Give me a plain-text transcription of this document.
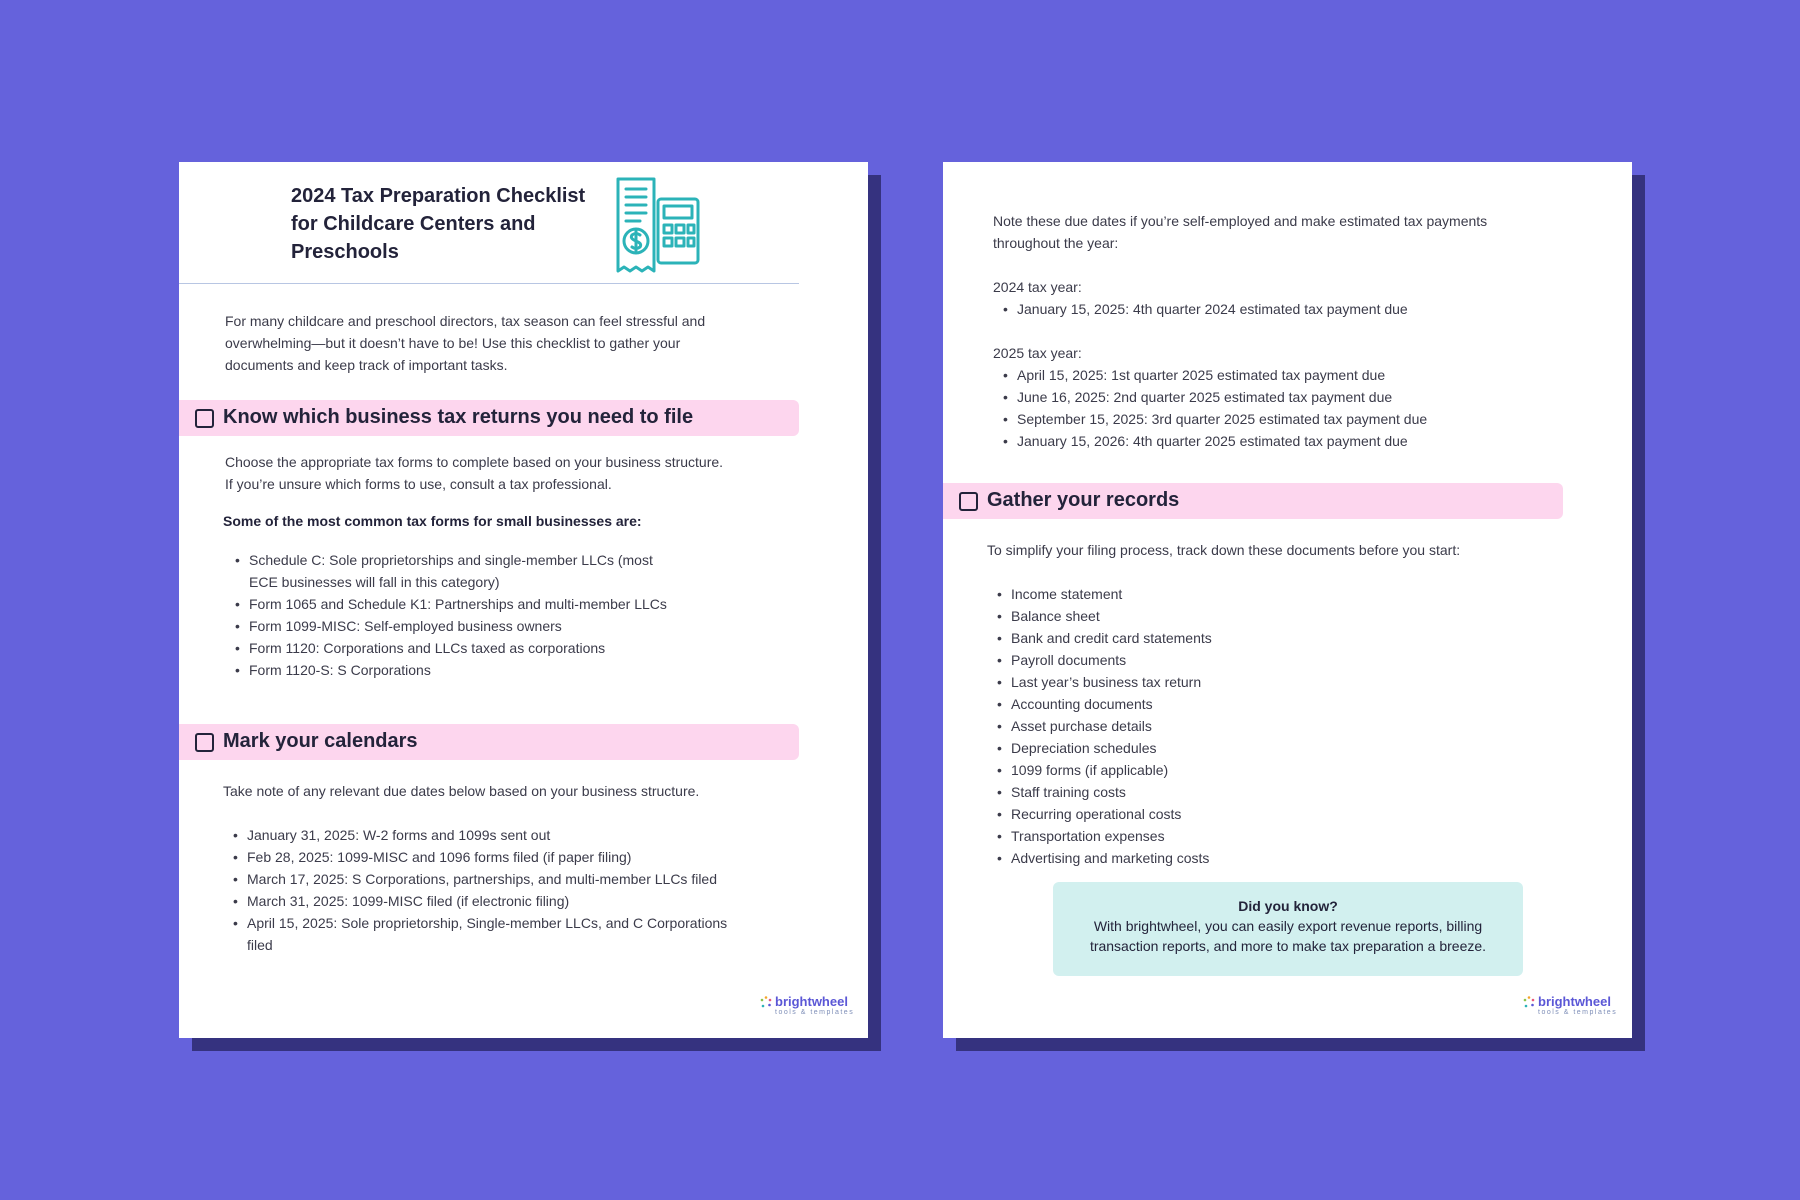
2024 Tax Preparation Checklist
for Childcare Centers and
Preschools
For many childcare and preschool directors, tax season can feel stressful and
overwhelming—but it doesn’t have to be! Use this checklist to gather your
documents and keep track of important tasks.
Know which business tax returns you need to file
Choose the appropriate tax forms to complete based on your business structure.
If you’re unsure which forms to use, consult a tax professional.
Some of the most common tax forms for small businesses are:
• Schedule C: Sole proprietorships and single-member LLCs (most
ECE businesses will fall in this category)
• Form 1065 and Schedule K1: Partnerships and multi-member LLCs
• Form 1099-MISC: Self-employed business owners
• Form 1120: Corporations and LLCs taxed as corporations
• Form 1120-S: S Corporations
Mark your calendars
Take note of any relevant due dates below based on your business structure.
• January 31, 2025: W-2 forms and 1099s sent out
• Feb 28, 2025: 1099-MISC and 1096 forms filed (if paper filing)
• March 17, 2025: S Corporations, partnerships, and multi-member LLCs filed
• March 31, 2025: 1099-MISC filed (if electronic filing)
• April 15, 2025: Sole proprietorship, Single-member LLCs, and C Corporations
filed
brightwheel
tools & templates
Note these due dates if you’re self-employed and make estimated tax payments
throughout the year:
2024 tax year:
• January 15, 2025: 4th quarter 2024 estimated tax payment due
2025 tax year:
• April 15, 2025: 1st quarter 2025 estimated tax payment due
• June 16, 2025: 2nd quarter 2025 estimated tax payment due
• September 15, 2025: 3rd quarter 2025 estimated tax payment due
• January 15, 2026: 4th quarter 2025 estimated tax payment due
Gather your records
To simplify your filing process, track down these documents before you start:
• Income statement
• Balance sheet
• Bank and credit card statements
• Payroll documents
• Last year’s business tax return
• Accounting documents
• Asset purchase details
• Depreciation schedules
• 1099 forms (if applicable)
• Staff training costs
• Recurring operational costs
• Transportation expenses
• Advertising and marketing costs
Did you know?
With brightwheel, you can easily export revenue reports, billing
transaction reports, and more to make tax preparation a breeze.
brightwheel
tools & templates
